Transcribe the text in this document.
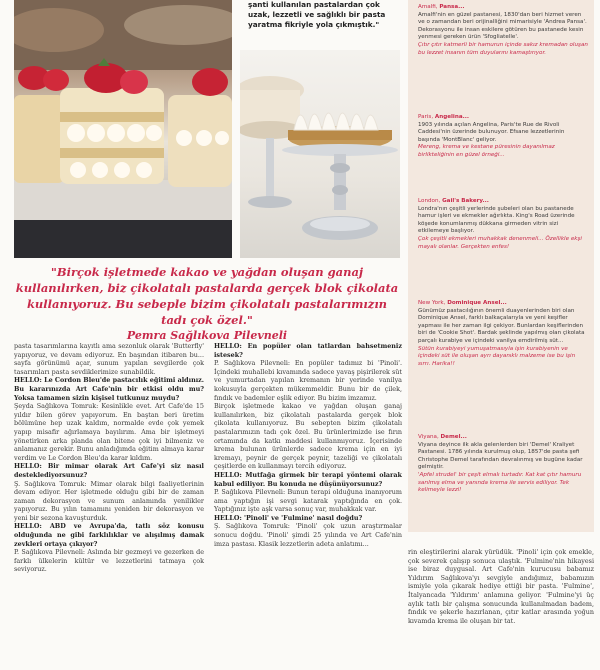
şanti kullanılan pastalardan çok uzak, lezzetli ve sağlıklı bir pasta yaratma fikriyle yola çıkmıştık."
"Birçok işletmede kakao ve yağdan oluşan ganaj kullanılırken, biz çikolatalı pastalarda gerçek blok çikolata kullanıyoruz. Bu sebeple bizim çikolatalı pastalarımızın tadı çok özel."
Pemra Sağlıkova Pilevneli

Amalfi, Pansa...

Amalfi'nin en güzel pastanesi, 1830'dan beri hizmet veren ve o zamandan beri orijinalliğini mimarisiyle 'Andrea Pansa'. Dekorasyonu ile insan eskilere götüren bu pastanede kesin yenmesi gereken ürün 'Sfogliatelle'.

Çıtır çıtır katmerli bir hamurun içinde sakız kremadan oluşan bu lezzet insanın tüm duyularını kamaştırıyor.

Paris, Angelina...

1903 yılında açılan Angelina, Paris'te Rue de Rivoli Caddesi'nin üzerinde bulunuyor. Efsane lezzetlerinin başında 'MontBlanc' geliyor.

Mereng, krema ve kestane püresinin dayanılmaz birlikteliğinin en güzel örneği...

London, Gail's Bakery...

Londra'nın çeşitli yerlerinde şubeleri olan bu pastanede hamur işleri ve ekmekler ağırlıkta. King's Road üzerinde köşede konumlanmış dükkana girmeden vitrin sizi etkilemeye başlıyor.

Çok çeşitli ekmekleri muhakkak denenmeli... Özellikle ekşi mayalı olanlar. Gerçekten enfes!

New York, Dominique Ansel...

Günümüz pastacılığının önemli duayenlerinden biri olan Dominique Ansel, farklı balkaçalarıyla ve yeni keşifler yapması ile her zaman ilgi çekiyor. Bunlardan keşiflerinden biri de 'Cookie Shot'. Bardak şeklinde yapılmış olan çikolata parçalı kurabiye ve içindeki vanilya emdirilmiş süt...

Sütün kurabiyeyi yumuşatmasıyla işin kurabiyenin ve içindeki süt ile oluşan ayrı dayanıklı malzeme ise bu işin sırrı. Harika!!

Viyana, Demel...

Viyana deyince ilk akla gelenlerden biri 'Demel' Kraliyet Pastanesi. 1786 yılında kurulmuş olup, 1857'de pasta şefi Christophe Demel tarafından devralınmış ve bugüne kadar gelmiştir.

'Apfel strudel' bir çeşit elmalı turtadır. Kat kat çıtır hamuru sarılmış elma ve yanında krema ile servis ediliyor. Tek kelimeyle lezzi!

pasta tasarımlarına kayıtlı ama sezonluk olarak 'Butterfly' yapıyoruz, ve devam ediyoruz. En başından itibaren bu... sayfa görünümü açar, sunum yapılan sevgilerde çok tasarımları pasta sevdiklerimize sunabildik.

HELLO: Le Cordon Bleu'de pastacılık eğitimi aldınız. Bu kararınızda Art Cafe'nin bir etkisi oldu mu? Yoksa tamamen sizin kişisel tutkunuz muydu?

Şeyda Sağlıkova Tomruk: Kesinlikle evet. Art Cafe'de 15 yıldır bilen görev yapıyorum. En baştan beri üretim bölümüne hep uzak kaldım, normalde evde çok yemek yapıp misafir ağırlamaya bayılırım. Ama bir işletmeyi yönetirken arka planda olan bitene çok iyi bilmeniz ve anlamanız gerekir. Bunu anladığımda eğitim almaya karar verdim ve Le Cordon Bleu'da karar kıldım.

HELLO: Bir mimar olarak Art Cafe'yi siz nasıl desteklediyorsunuz?

Ş. Sağlıkova Tomruk: Mimar olarak bilgi faaliyetlerinin devam ediyor. Her işletmede olduğu gibi bir de zaman zaman dekorasyon ve sunum anlamında yenilikler yapıyoruz. Bu yılın tamamını yeniden bir dekorasyon ve yeni bir sezona kavuşturduk.

HELLO: ABD ve Avrupa'da, tatlı söz konusu olduğunda ne gibi farklılıklar ve alışılmış damak zevkleri ortaya çıkıyor?

P. Sağlıkova Pilevneli: Aslında bir gezmeyi ve gezerken de farklı ülkelerin kültür ve lezzetlerini tatmaya çok seviyoruz.

HELLO: En popüler olan tatlardan bahsetmeniz istesek?

P. Sağlıkova Pilevneli: En popüler tadımız bi 'Pinoli'. İçindeki muhallebi kıvamında sadece yavaş pişirilerek süt ve yumurtadan yapılan kremanın bir yerinde vanilya kokusuyla gerçekten mükemmeldir. Bunu bir de çilek, fındık ve bademler eşlik ediyor. Bu bizim imzamız.

Birçok işletmede kakao ve yağdan oluşan ganaj kullanılırken, biz çikolatalı pastalarda gerçek blok çikolata kullanıyoruz. Bu sebepten bizim çikolatalı pastalarımızın tadı çok özel. Bu ürünlerimizde ise fırın ortamında da katkı maddesi kullanmıyoruz. İçerisinde krema bulunan ürünlerde sadece krema için en iyi kremayı, peynir de gerçek peynir, tazeliği ve çikolatalı çeşitlerde en kullanmayı tercih ediyoruz.

HELLO: Mutfağa girmek bir terapi yöntemi olarak kabul ediliyor. Bu konuda ne düşünüyorsunuz?

P. Sağlıkova Pilevneli: Bunun terapi olduğuna inanıyorum ama yaptığın işi sevgi katarak yaptığında en çok. Yaptığınız işte aşk varsa sonuç var, muhakkak var.

HELLO: 'Pinoli' ve 'Fulmine' nasıl doğdu?

Ş. Sağlıkova Tomruk: 'Pinoli' çok uzun araştırmalar sonucu doğdu. 'Pinoli' şimdi 25 yılında ve Art Cafe'nin imza pastası. Klasik lezzetlerin adeta anlatımı...

rin eleştirilerini alarak yürüdük. 'Pinoli' için çok emekle, çok severek çalışıp sonuca ulaştık. 'Fulmine'nin hikayesi ise biraz duygusal. Art Cafe'nin kurucusu babamız Yıldırım Sağlıkova'yı sevgiyle andığımız, babamızın ismiyle yola çıkarak hediye ettiği bir pasta. 'Fulmine', İtalyancada 'Yıldırım' anlamına geliyor. 'Fulmine'yi üç aylık tatlı bir çalışma sonucunda kullanılmadan badem, fındık ve şekerle hazırlanan, çıtır katlar arasında yoğun kıvamda krema ile oluşan bir tat.
